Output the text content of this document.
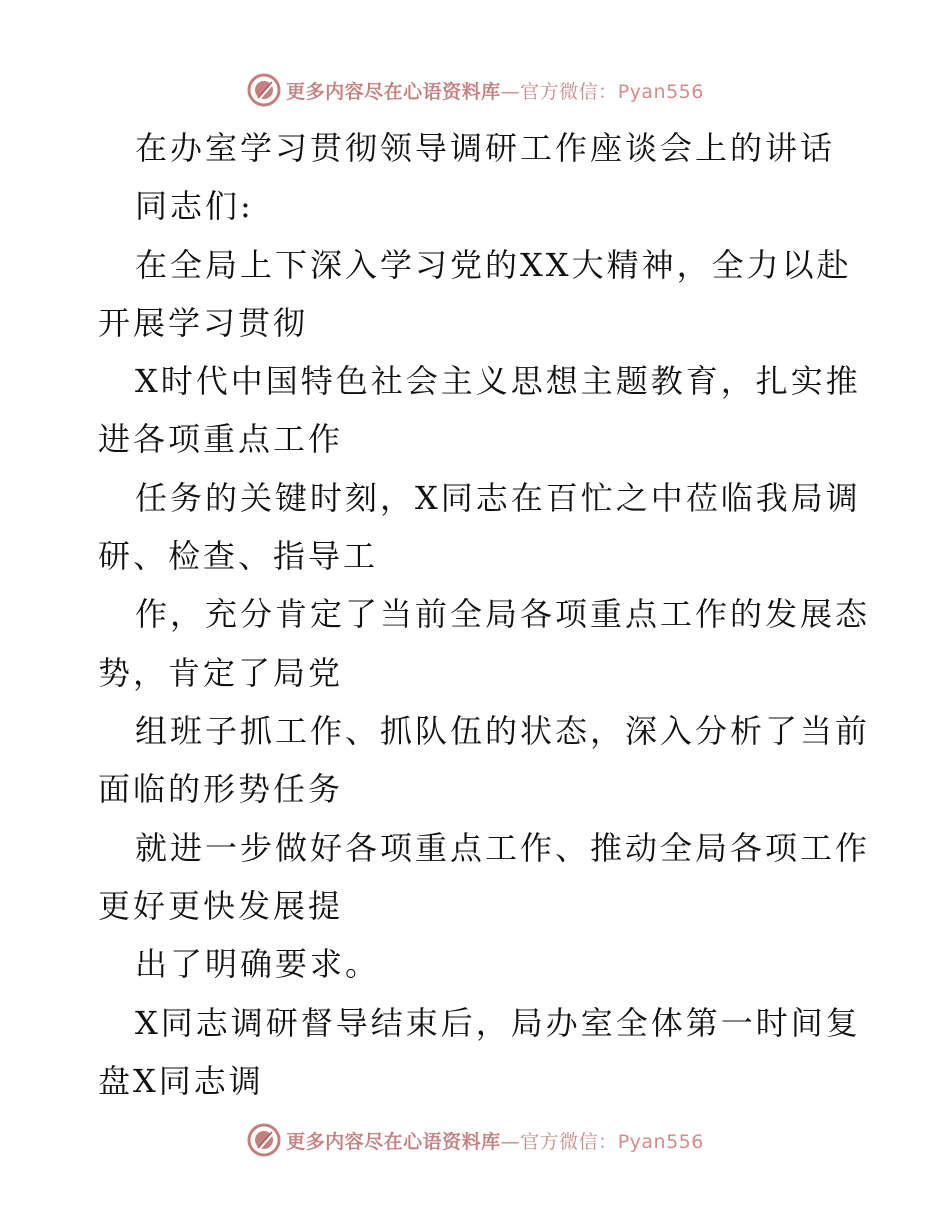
更多内容尽在心语资料库—官方微信：Pyan556
在办室学习贯彻领导调研工作座谈会上的讲话
同志们:
在全局上下深入学习党的XX大精神，全力以赴
开展学习贯彻
X时代中国特色社会主义思想主题教育，扎实推
进各项重点工作
任务的关键时刻，X同志在百忙之中莅临我局调
研、检查、指导工
作，充分肯定了当前全局各项重点工作的发展态
势，肯定了局党
组班子抓工作、抓队伍的状态，深入分析了当前
面临的形势任务
就进一步做好各项重点工作、推动全局各项工作
更好更快发展提
出了明确要求。
X同志调研督导结束后，局办室全体第一时间复
盘X同志调
更多内容尽在心语资料库—官方微信：Pyan556
